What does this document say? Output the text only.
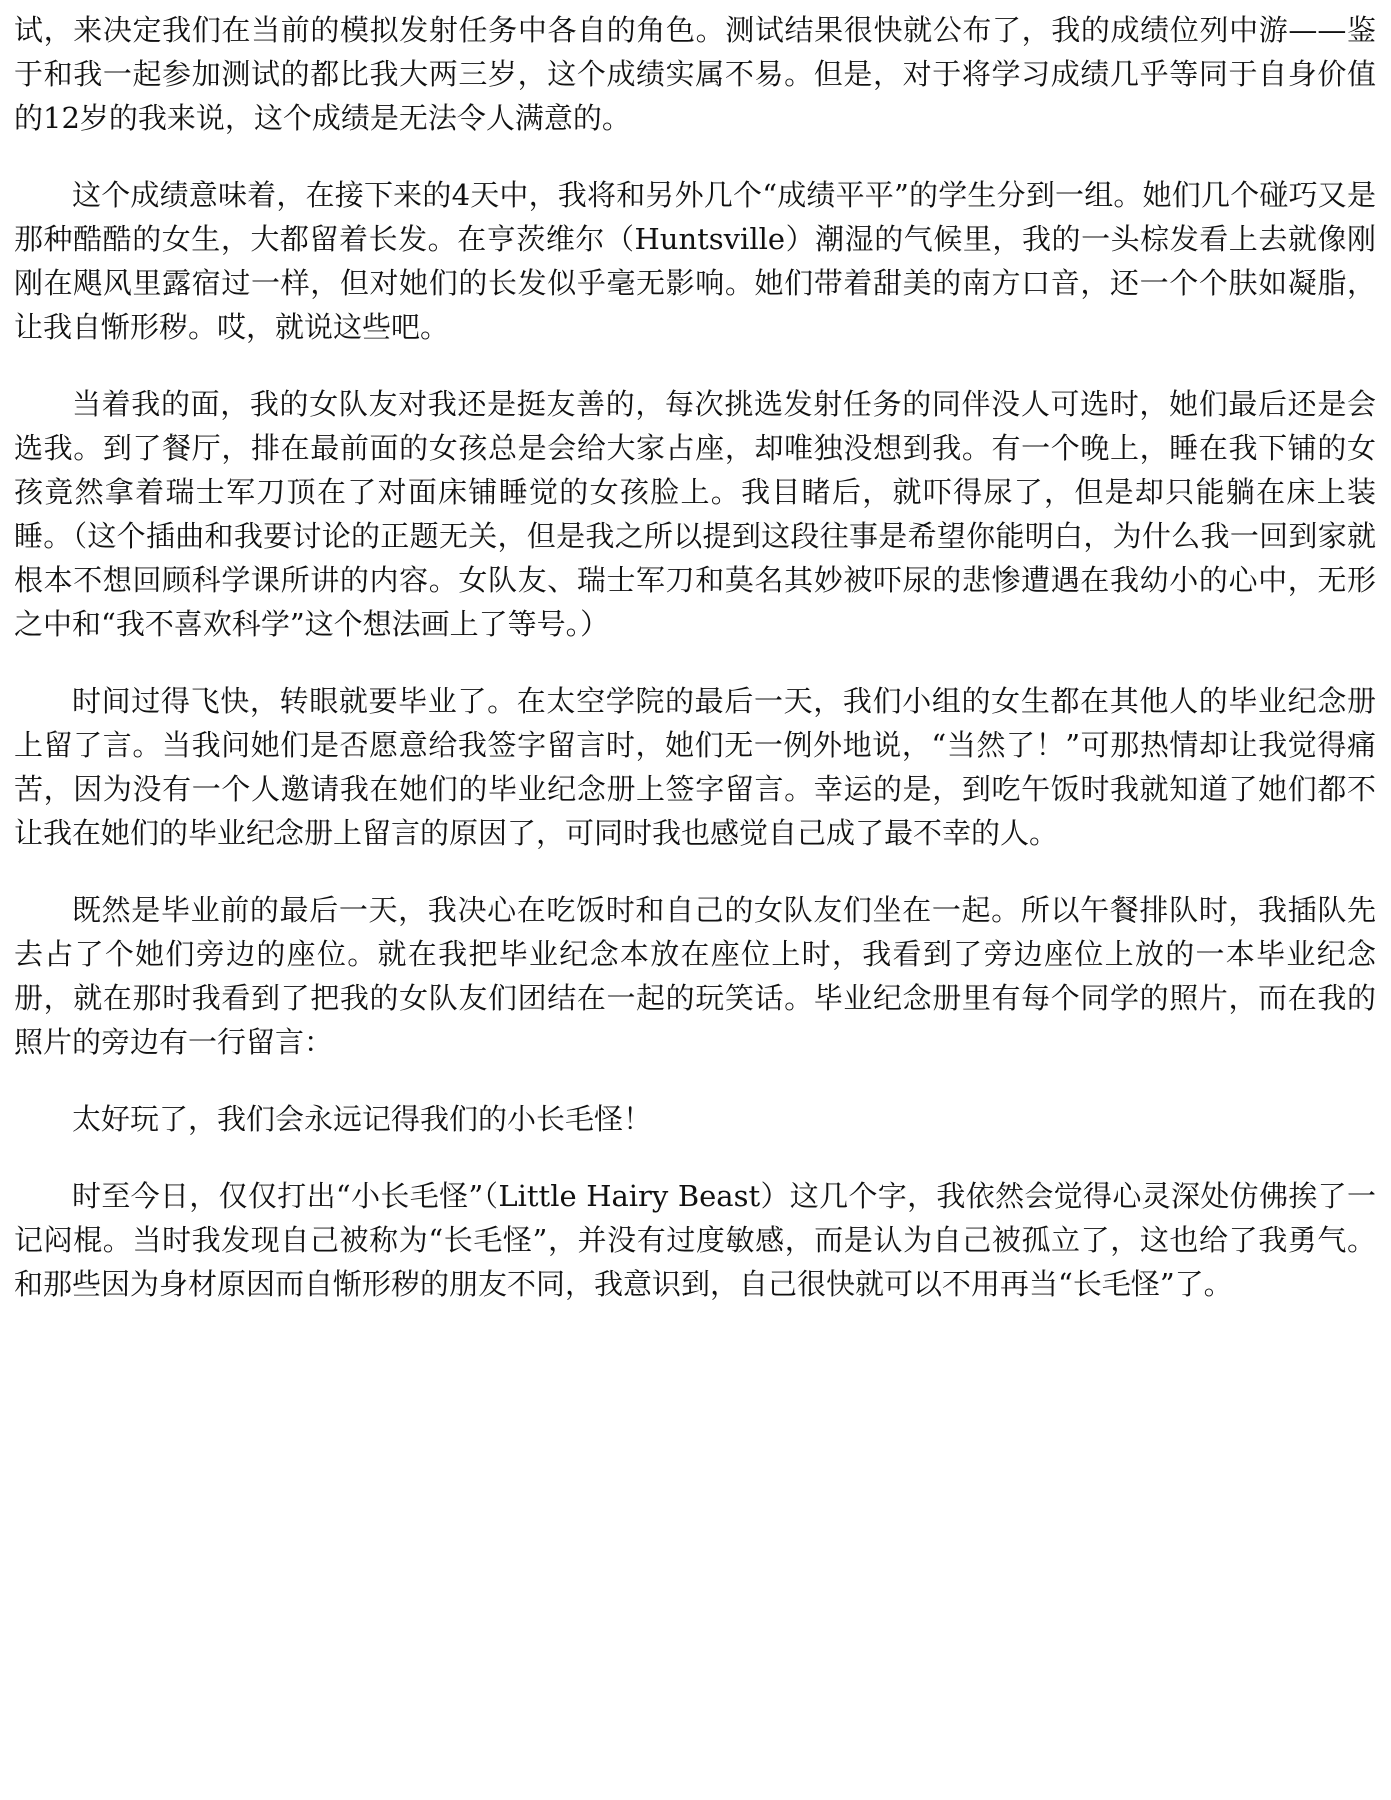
试，来决定我们在当前的模拟发射任务中各自的角色。测试结果很快就公布了，我的成绩位列中游——鉴于和我一起参加测试的都比我大两三岁，这个成绩实属不易。但是，对于将学习成绩几乎等同于自身价值的12岁的我来说，这个成绩是无法令人满意的。

这个成绩意味着，在接下来的4天中，我将和另外几个“成绩平平”的学生分到一组。她们几个碰巧又是那种酷酷的女生，大都留着长发。在亨茨维尔（Huntsville）潮湿的气候里，我的一头棕发看上去就像刚刚在飓风里露宿过一样，但对她们的长发似乎毫无影响。她们带着甜美的南方口音，还一个个肤如凝脂，让我自惭形秽。哎，就说这些吧。

当着我的面，我的女队友对我还是挺友善的，每次挑选发射任务的同伴没人可选时，她们最后还是会选我。到了餐厅，排在最前面的女孩总是会给大家占座，却唯独没想到我。有一个晚上，睡在我下铺的女孩竟然拿着瑞士军刀顶在了对面床铺睡觉的女孩脸上。我目睹后，就吓得尿了，但是却只能躺在床上装睡。（这个插曲和我要讨论的正题无关，但是我之所以提到这段往事是希望你能明白，为什么我一回到家就根本不想回顾科学课所讲的内容。女队友、瑞士军刀和莫名其妙被吓尿的悲惨遭遇在我幼小的心中，无形之中和“我不喜欢科学”这个想法画上了等号。）

时间过得飞快，转眼就要毕业了。在太空学院的最后一天，我们小组的女生都在其他人的毕业纪念册上留了言。当我问她们是否愿意给我签字留言时，她们无一例外地说，“当然了！”可那热情却让我觉得痛苦，因为没有一个人邀请我在她们的毕业纪念册上签字留言。幸运的是，到吃午饭时我就知道了她们都不让我在她们的毕业纪念册上留言的原因了，可同时我也感觉自己成了最不幸的人。

既然是毕业前的最后一天，我决心在吃饭时和自己的女队友们坐在一起。所以午餐排队时，我插队先去占了个她们旁边的座位。就在我把毕业纪念本放在座位上时，我看到了旁边座位上放的一本毕业纪念册，就在那时我看到了把我的女队友们团结在一起的玩笑话。毕业纪念册里有每个同学的照片，而在我的照片的旁边有一行留言：

太好玩了，我们会永远记得我们的小长毛怪！

时至今日，仅仅打出“小长毛怪”（Little Hairy Beast）这几个字，我依然会觉得心灵深处仿佛挨了一记闷棍。当时我发现自己被称为“长毛怪”，并没有过度敏感，而是认为自己被孤立了，这也给了我勇气。和那些因为身材原因而自惭形秽的朋友不同，我意识到，自己很快就可以不用再当“长毛怪”了。
